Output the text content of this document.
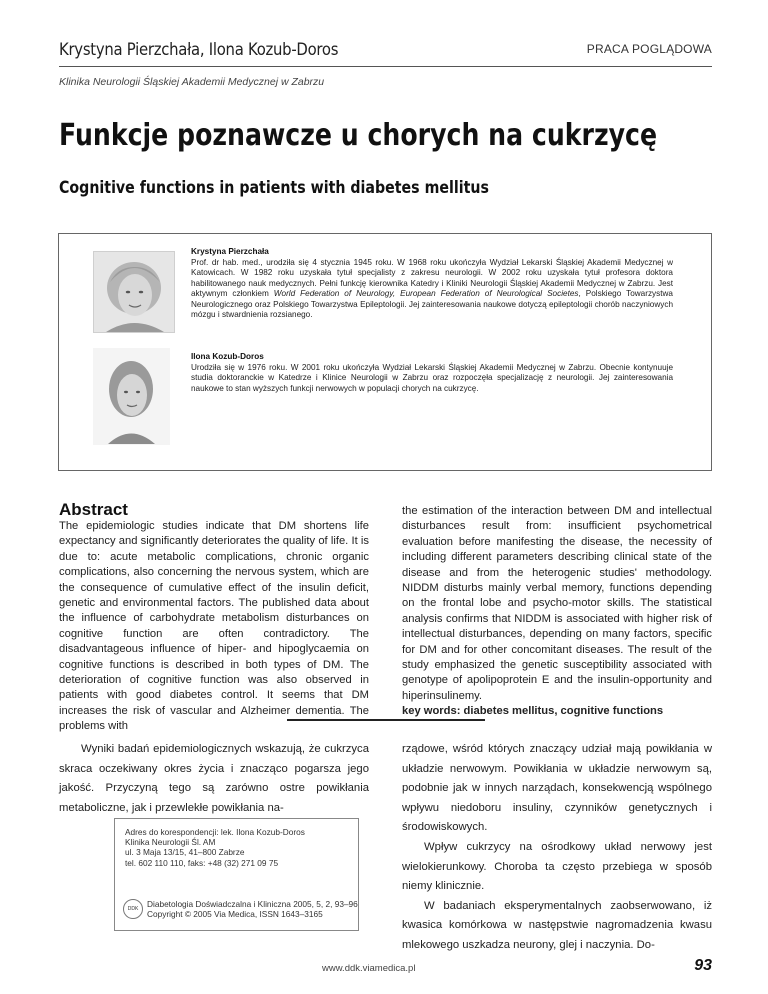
Krystyna Pierzchała, Ilona Kozub-Doros	PRACA POGLĄDOWA
Klinika Neurologii Śląskiej Akademii Medycznej w Zabrzu
Funkcje poznawcze u chorych na cukrzycę
Cognitive functions in patients with diabetes mellitus
Krystyna Pierzchała
Prof. dr hab. med., urodziła się 4 stycznia 1945 roku. W 1968 roku ukończyła Wydział Lekarski Śląskiej Akademii Medycznej w Katowicach. W 1982 roku uzyskała tytuł specjalisty z zakresu neurologii. W 2002 roku uzyskała tytuł profesora doktora habilitowanego nauk medycznych. Pełni funkcję kierownika Katedry i Kliniki Neurologii Śląskiej Akademii Medycznej w Zabrzu. Jest aktywnym członkiem World Federation of Neurology, European Federation of Neurological Societes, Polskiego Towarzystwa Neurologicznego oraz Polskiego Towarzystwa Epileptologii. Jej zainteresowania naukowe dotyczą epileptologii chorób naczyniowych mózgu i stwardnienia rozsianego.
Ilona Kozub-Doros
Urodziła się w 1976 roku. W 2001 roku ukończyła Wydział Lekarski Śląskiej Akademii Medycznej w Zabrzu. Obecnie kontynuuje studia doktoranckie w Katedrze i Klinice Neurologii w Zabrzu oraz rozpoczęła specjalizację z neurologii. Jej zainteresowania naukowe to stan wyższych funkcji nerwowych w populacji chorych na cukrzycę.
Abstract
The epidemiologic studies indicate that DM shortens life expectancy and significantly deteriorates the quality of life. It is due to: acute metabolic complications, chronic organic complications, also concerning the nervous system, which are the consequence of cumulative effect of the insulin deficit, genetic and environmental factors. The published data about the influence of carbohydrate metabolism disturbances on cognitive function are often contradictory. The disadvantageous influence of hiper- and hipoglycaemia on cognitive functions is described in both types of DM. The deterioration of cognitive function was also observed in patients with good diabetes control. It seems that DM increases the risk of vascular and Alzheimer dementia. The problems with
the estimation of the interaction between DM and intellectual disturbances result from: insufficient psychometrical evaluation before manifesting the disease, the necessity of including different parameters describing clinical state of the disease and from the heterogenic studies' methodology. NIDDM disturbs mainly verbal memory, functions depending on the frontal lobe and psycho-motor skills. The statistical analysis confirms that NIDDM is associated with higher risk of intellectual disturbances, depending on many factors, specific for DM and for other concomitant diseases. The result of the study emphasized the genetic susceptibility associated with genotype of apolipoprotein E and the insulin-opportunity and hiperinsulinemy.
key words: diabetes mellitus, cognitive functions
Wyniki badań epidemiologicznych wskazują, że cukrzyca skraca oczekiwany okres życia i znacząco pogarsza jego jakość. Przyczyną tego są zarówno ostre powikłania metaboliczne, jak i przewlekłe powikłania na-
rządowe, wśród których znaczący udział mają powikłania w układzie nerwowym. Powikłania w układzie nerwowym są, podobnie jak w innych narządach, konsekwencją wspólnego wpływu niedoboru insuliny, czynników genetycznych i środowiskowych.
Wpływ cukrzycy na ośrodkowy układ nerwowy jest wielokierunkowy. Choroba ta często przebiega w sposób niemy klinicznie.
W badaniach eksperymentalnych zaobserwowano, iż kwasica komórkowa w następstwie nagromadzenia kwasu mlekowego uszkadza neurony, glej i naczynia. Do-
Adres do korespondencji: lek. Ilona Kozub-Doros
Klinika Neurologii Śl. AM
ul. 3 Maja 13/15, 41–800 Zabrze
tel. 602 110 110, faks: +48 (32) 271 09 75
DDK	Diabetologia Doświadczalna i Kliniczna 2005, 5, 2, 93–96
Copyright © 2005 Via Medica, ISSN 1643–3165
www.ddk.viamedica.pl	93
